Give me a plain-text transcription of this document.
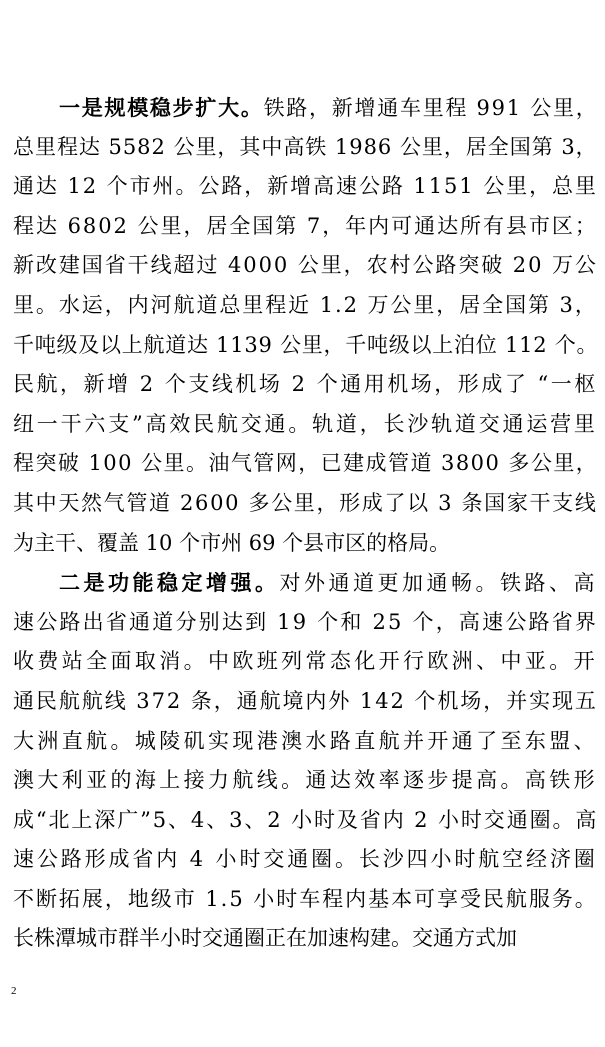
一是规模稳步扩大。铁路，新增通车里程 991 公里，
总里程达 5582 公里，其中高铁 1986 公里，居全国第 3，
通达 12 个市州。公路，新增高速公路 1151 公里，总里
程达 6802 公里，居全国第 7，年内可通达所有县市区；
新改建国省干线超过 4000 公里，农村公路突破 20 万公
里。水运，内河航道总里程近 1.2 万公里，居全国第 3，
千吨级及以上航道达 1139 公里，千吨级以上泊位 112 个。
民航，新增 2 个支线机场 2 个通用机场，形成了 “一枢
纽一干六支”高效民航交通。轨道，长沙轨道交通运营里
程突破 100 公里。油气管网，已建成管道 3800 多公里，
其中天然气管道 2600 多公里，形成了以 3 条国家干支线
为主干、覆盖 10 个市州 69 个县市区的格局。
二是功能稳定增强。对外通道更加通畅。铁路、高
速公路出省通道分别达到 19 个和 25 个，高速公路省界
收费站全面取消。中欧班列常态化开行欧洲、中亚。开
通民航航线 372 条，通航境内外 142 个机场，并实现五
大洲直航。城陵矶实现港澳水路直航并开通了至东盟、
澳大利亚的海上接力航线。通达效率逐步提高。高铁形
成“北上深广”5、4、3、2 小时及省内 2 小时交通圈。高
速公路形成省内 4 小时交通圈。长沙四小时航空经济圈
不断拓展，地级市 1.5 小时车程内基本可享受民航服务。
长株潭城市群半小时交通圈正在加速构建。交通方式加
2
